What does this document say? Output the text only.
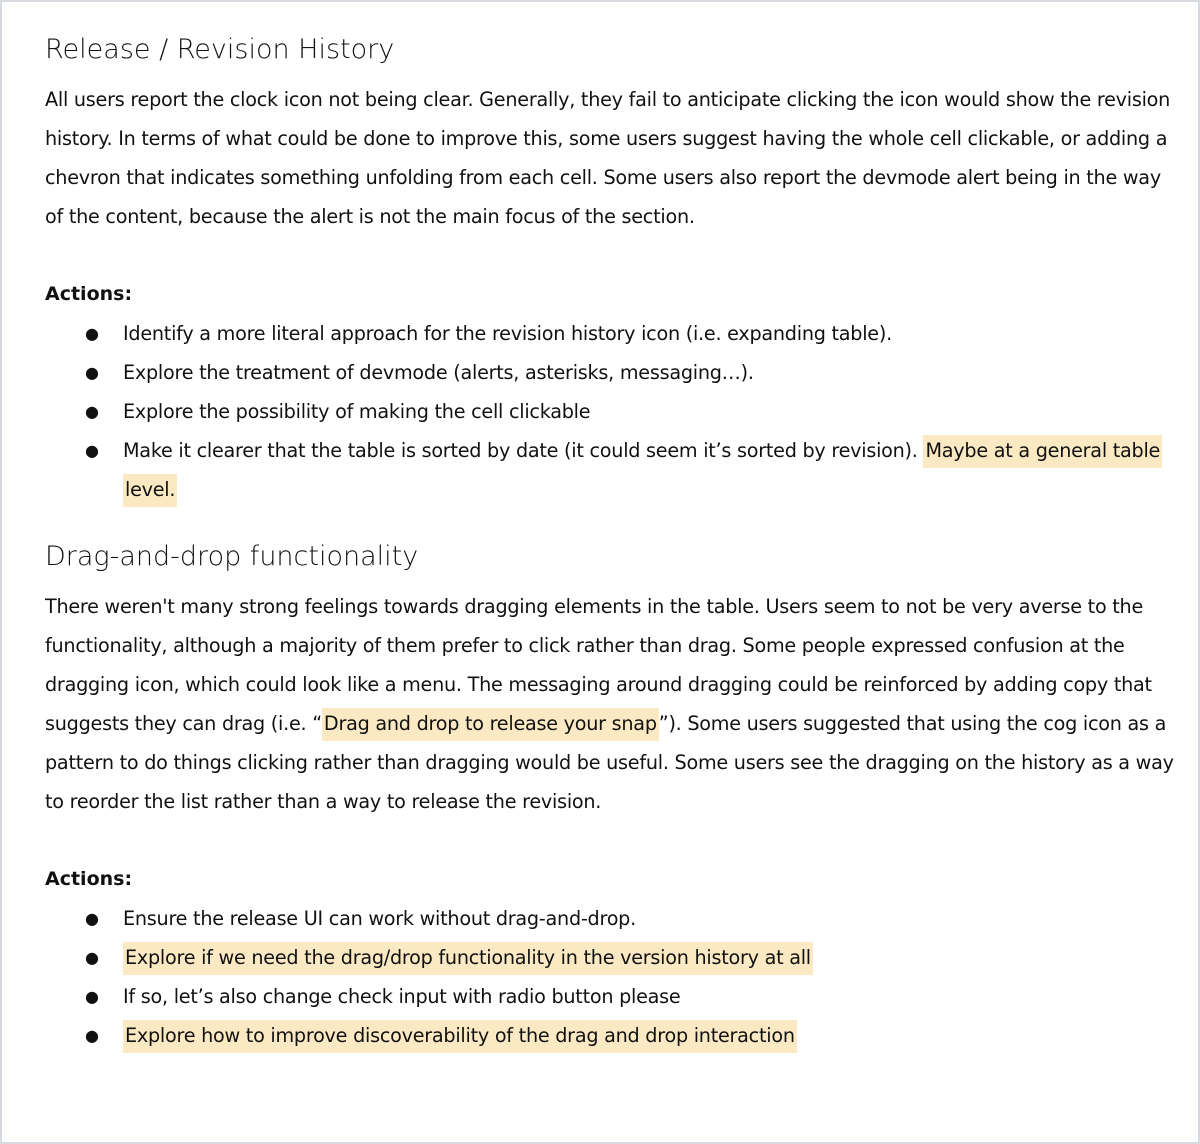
Release / Revision History

All users report the clock icon not being clear. Generally, they fail to anticipate clicking the icon would show the revision history. In terms of what could be done to improve this, some users suggest having the whole cell clickable, or adding a chevron that indicates something unfolding from each cell. Some users also report the devmode alert being in the way of the content, because the alert is not the main focus of the section.

Actions:
● Identify a more literal approach for the revision history icon (i.e. expanding table).
● Explore the treatment of devmode (alerts, asterisks, messaging…).
● Explore the possibility of making the cell clickable
● Make it clearer that the table is sorted by date (it could seem it’s sorted by revision). Maybe at a general table level.
Drag-and-drop functionality

There weren't many strong feelings towards dragging elements in the table. Users seem to not be very averse to the functionality, although a majority of them prefer to click rather than drag. Some people expressed confusion at the dragging icon, which could look like a menu. The messaging around dragging could be reinforced by adding copy that suggests they can drag (i.e. “ Drag and drop to release your snap ”). Some users suggested that using the cog icon as a pattern to do things clicking rather than dragging would be useful. Some users see the dragging on the history as a way to reorder the list rather than a way to release the revision.

Actions:
● Ensure the release UI can work without drag-and-drop.
● Explore if we need the drag/drop functionality in the version history at all
● If so, let’s also change check input with radio button please
● Explore how to improve discoverability of the drag and drop interaction
